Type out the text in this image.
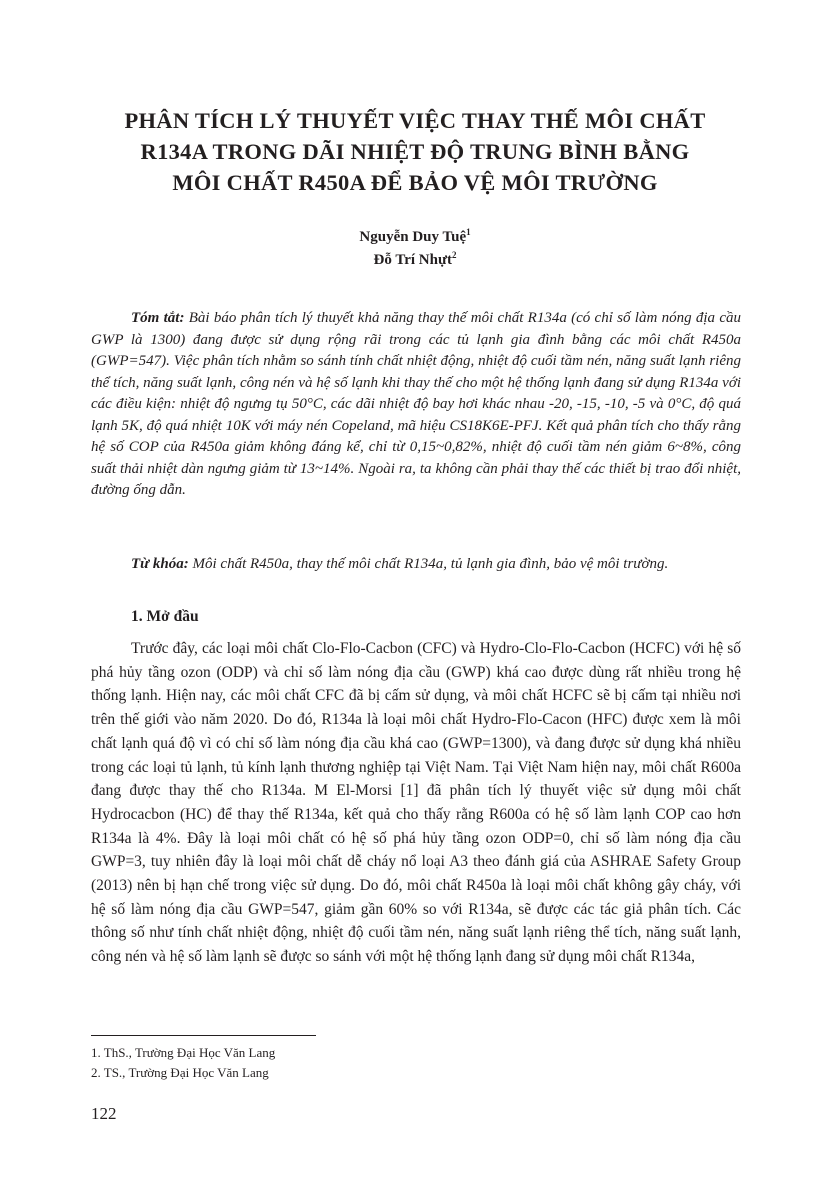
PHÂN TÍCH LÝ THUYẾT VIỆC THAY THẾ MÔI CHẤT
R134A TRONG DÃI NHIỆT ĐỘ TRUNG BÌNH BẰNG
MÔI CHẤT R450A ĐỂ BẢO VỆ MÔI TRƯỜNG
Nguyễn Duy Tuệ$^1$
Đỗ Trí Nhựt$^2$

Tóm tắt: Bài báo phân tích lý thuyết khả năng thay thế môi chất R134a (có chỉ số làm nóng địa cầu GWP là 1300) đang được sử dụng rộng rãi trong các tủ lạnh gia đình bằng các môi chất R450a (GWP=547). Việc phân tích nhằm so sánh tính chất nhiệt động, nhiệt độ cuối tầm nén, năng suất lạnh riêng thể tích, năng suất lạnh, công nén và hệ số lạnh khi thay thế cho một hệ thống lạnh đang sử dụng R134a với các điều kiện: nhiệt độ ngưng tụ 50°C, các dãi nhiệt độ bay hơi khác nhau -20, -15, -10, -5 và 0°C, độ quá lạnh 5K, độ quá nhiệt 10K với máy nén Copeland, mã hiệu CS18K6E-PFJ. Kết quả phân tích cho thấy rằng hệ số COP của R450a giảm không đáng kể, chỉ từ 0,15~0,82%, nhiệt độ cuối tầm nén giảm 6~8%, công suất thải nhiệt dàn ngưng giảm từ 13~14%. Ngoài ra, ta không cần phải thay thế các thiết bị trao đổi nhiệt, đường ống dẫn.

Từ khóa: Môi chất R450a, thay thế môi chất R134a, tủ lạnh gia đình, bảo vệ môi trường.

1. Mở đầu

Trước đây, các loại môi chất Clo-Flo-Cacbon (CFC) và Hydro-Clo-Flo-Cacbon (HCFC) với hệ số phá hủy tầng ozon (ODP) và chỉ số làm nóng địa cầu (GWP) khá cao được dùng rất nhiều trong hệ thống lạnh. Hiện nay, các môi chất CFC đã bị cấm sử dụng, và môi chất HCFC sẽ bị cấm tại nhiều nơi trên thế giới vào năm 2020. Do đó, R134a là loại môi chất Hydro-Flo-Cacon (HFC) được xem là môi chất lạnh quá độ vì có chỉ số làm nóng địa cầu khá cao (GWP=1300), và đang được sử dụng khá nhiều trong các loại tủ lạnh, tủ kính lạnh thương nghiệp tại Việt Nam. Tại Việt Nam hiện nay, môi chất R600a đang được thay thế cho R134a. M El-Morsi [1] đã phân tích lý thuyết việc sử dụng môi chất Hydrocacbon (HC) để thay thế R134a, kết quả cho thấy rằng R600a có hệ số làm lạnh COP cao hơn R134a là 4%. Đây là loại môi chất có hệ số phá hủy tầng ozon ODP=0, chỉ số làm nóng địa cầu GWP=3, tuy nhiên đây là loại môi chất dễ cháy nổ loại A3 theo đánh giá của ASHRAE Safety Group (2013) nên bị hạn chế trong việc sử dụng. Do đó, môi chất R450a là loại môi chất không gây cháy, với hệ số làm nóng địa cầu GWP=547, giảm gần 60% so với R134a, sẽ được các tác giả phân tích. Các thông số như tính chất nhiệt động, nhiệt độ cuối tầm nén, năng suất lạnh riêng thể tích, năng suất lạnh, công nén và hệ số làm lạnh sẽ được so sánh với một hệ thống lạnh đang sử dụng môi chất R134a,

1. ThS., Trường Đại Học Văn Lang
2. TS., Trường Đại Học Văn Lang
122
